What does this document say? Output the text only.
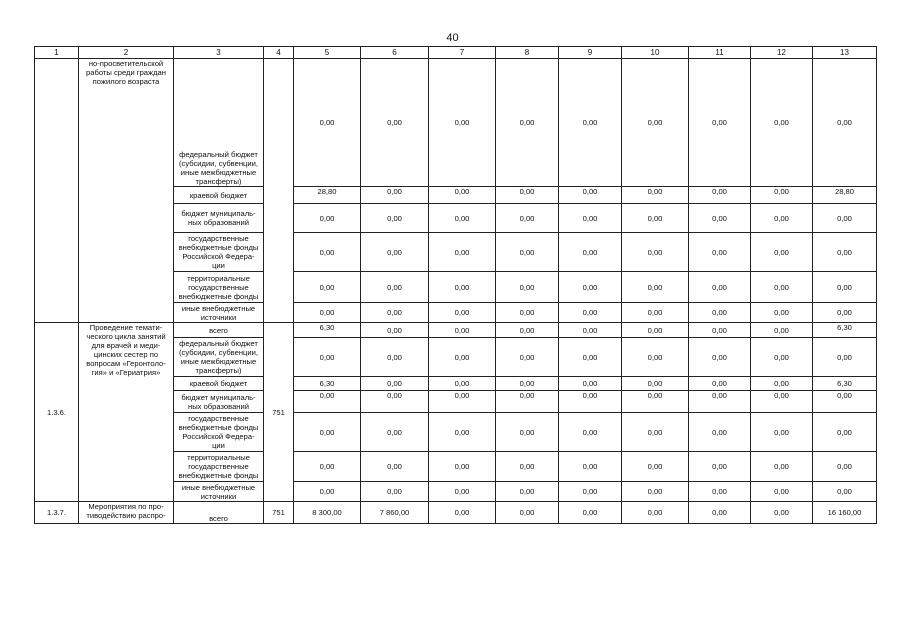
40
1	2	3	4	5	6	7	8	9	10	11	12	13
	но-просветительской работы среди граждан пожилого возраста	федеральный бюджет (субсидии, субвенции, иные межбюджетные трансферты)		0,00	0,00	0,00	0,00	0,00	0,00	0,00	0,00	0,00
		краевой бюджет		28,80	0,00	0,00	0,00	0,00	0,00	0,00	0,00	28,80
		бюджет муниципаль-ных образований		0,00	0,00	0,00	0,00	0,00	0,00	0,00	0,00	0,00
		государственные внебюджетные фонды Российской Федера-ции		0,00	0,00	0,00	0,00	0,00	0,00	0,00	0,00	0,00
		территориальные государственные внебюджетные фонды		0,00	0,00	0,00	0,00	0,00	0,00	0,00	0,00	0,00
		иные внебюджетные источники		0,00	0,00	0,00	0,00	0,00	0,00	0,00	0,00	0,00
1.3.6.	Проведение темати-ческого цикла занятий для врачей и меди-цинских сестер по вопросам «Геронтоло-гия» и «Гериатрия»	всего	751	6,30	0,00	0,00	0,00	0,00	0,00	0,00	0,00	6,30
		федеральный бюджет (субсидии, субвенции, иные межбюджетные трансферты)		0,00	0,00	0,00	0,00	0,00	0,00	0,00	0,00	0,00
		краевой бюджет		6,30	0,00	0,00	0,00	0,00	0,00	0,00	0,00	6,30
		бюджет муниципаль-ных образований		0,00	0,00	0,00	0,00	0,00	0,00	0,00	0,00	0,00
		государственные внебюджетные фонды Российской Федера-ции		0,00	0,00	0,00	0,00	0,00	0,00	0,00	0,00	0,00
		территориальные государственные внебюджетные фонды		0,00	0,00	0,00	0,00	0,00	0,00	0,00	0,00	0,00
		иные внебюджетные источники		0,00	0,00	0,00	0,00	0,00	0,00	0,00	0,00	0,00
1.3.7.	Мероприятия по про-тиводействию распро-	всего	751	8 300,00	7 860,00	0,00	0,00	0,00	0,00	0,00	0,00	16 160,00
